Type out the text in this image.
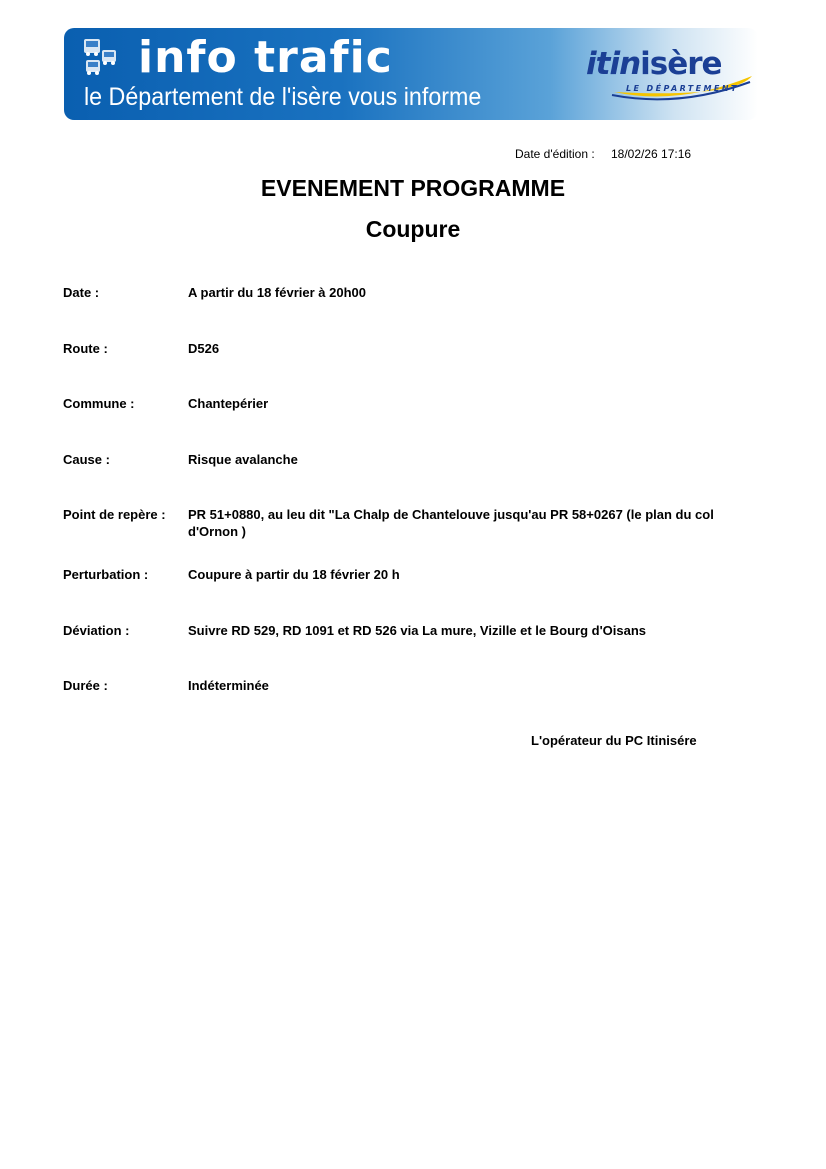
info trafic
le Département de l'isère vous informe
itinisère
LE DÉPARTEMENT
Date d'édition : 18/02/26 17:16
EVENEMENT PROGRAMME
Coupure
Date :	A partir du 18 février à 20h00
Route :	D526
Commune :	Chantepérier
Cause :	Risque avalanche
Point de repère :	PR 51+0880, au leu dit "La Chalp de Chantelouve jusqu'au PR 58+0267 (le plan du col d'Ornon )
Perturbation :	Coupure à partir du 18 février 20 h
Déviation :	Suivre RD 529, RD 1091 et RD 526 via La mure, Vizille et le Bourg d'Oisans
Durée :	Indéterminée
L'opérateur du PC Itinisére
